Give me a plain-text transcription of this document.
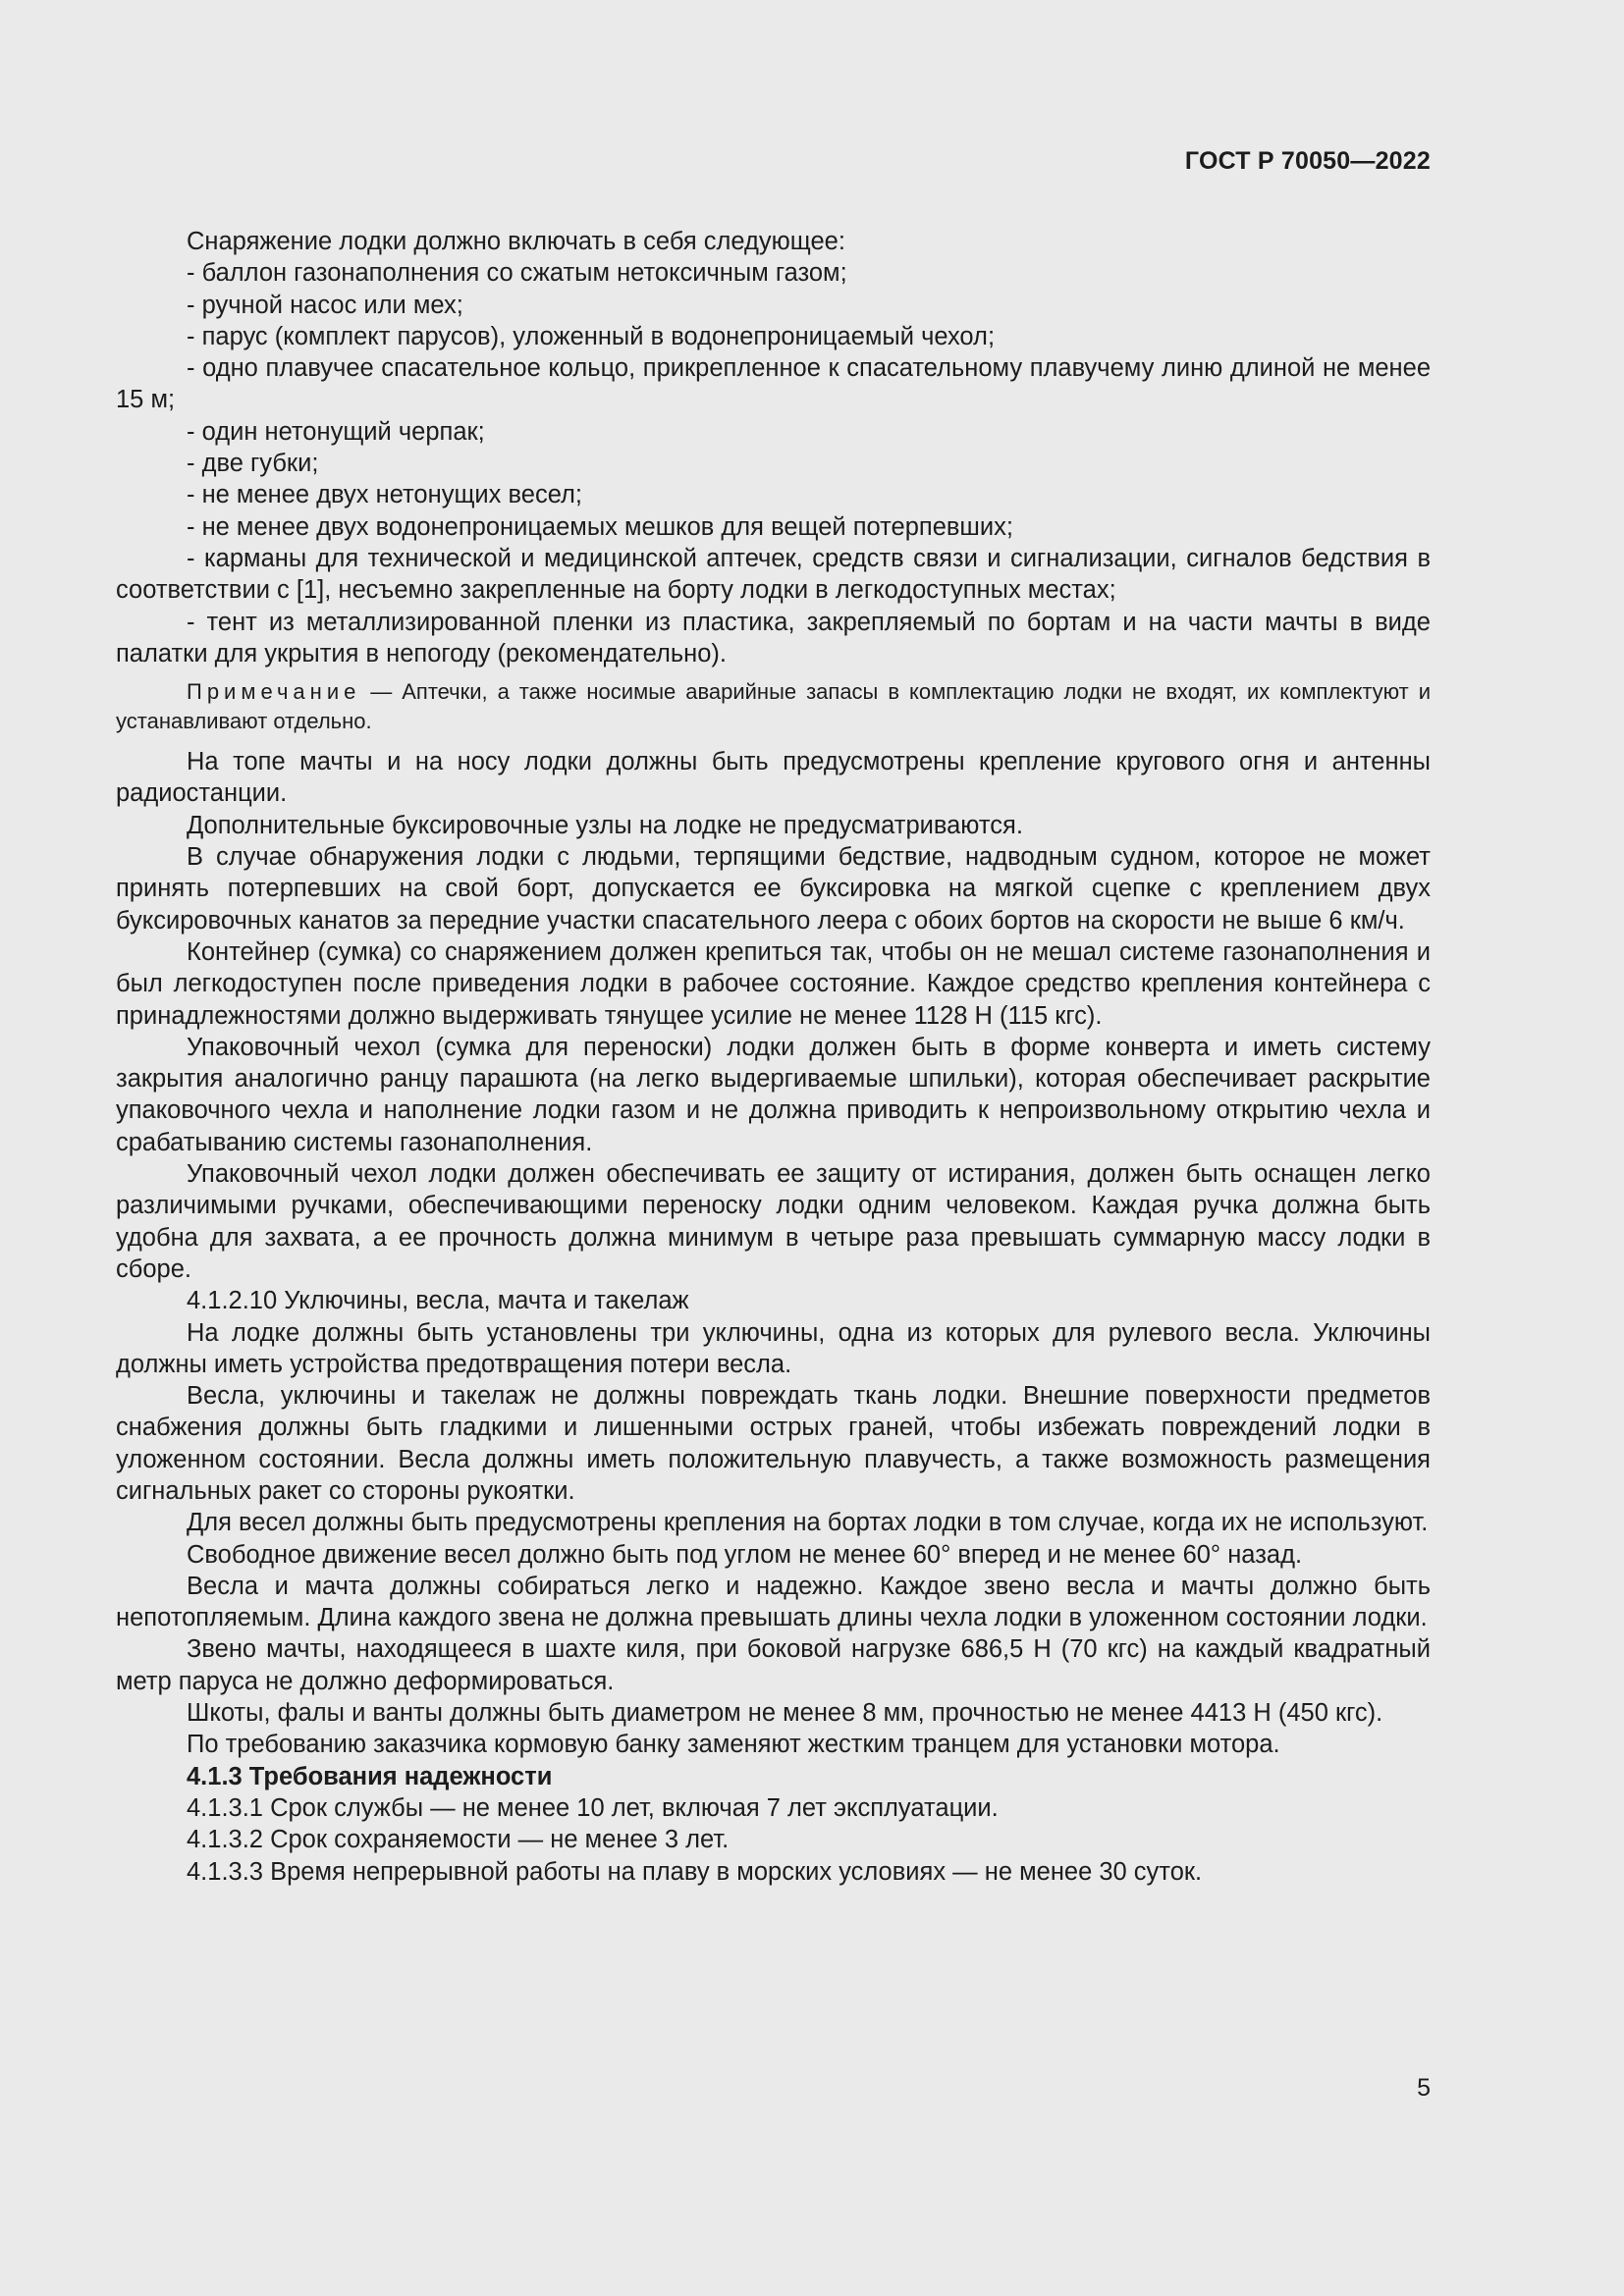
ГОСТ Р 70050—2022

Снаряжение лодки должно включать в себя следующее:

- баллон газонаполнения со сжатым нетоксичным газом;

- ручной насос или мех;

- парус (комплект парусов), уложенный в водонепроницаемый чехол;

- одно плавучее спасательное кольцо, прикрепленное к спасательному плавучему линю длиной не менее 15 м;

- один нетонущий черпак;

- две губки;

- не менее двух нетонущих весел;

- не менее двух водонепроницаемых мешков для вещей потерпевших;

- карманы для технической и медицинской аптечек, средств связи и сигнализации, сигналов бедствия в соответствии с [1], несъемно закрепленные на борту лодки в легкодоступных местах;

- тент из металлизированной пленки из пластика, закрепляемый по бортам и на части мачты в виде палатки для укрытия в непогоду (рекомендательно).

Примечание — Аптечки, а также носимые аварийные запасы в комплектацию лодки не входят, их комплектуют и устанавливают отдельно.

На топе мачты и на носу лодки должны быть предусмотрены крепление кругового огня и антенны радиостанции.

Дополнительные буксировочные узлы на лодке не предусматриваются.

В случае обнаружения лодки с людьми, терпящими бедствие, надводным судном, которое не может принять потерпевших на свой борт, допускается ее буксировка на мягкой сцепке с креплением двух буксировочных канатов за передние участки спасательного леера с обоих бортов на скорости не выше 6 км/ч.

Контейнер (сумка) со снаряжением должен крепиться так, чтобы он не мешал системе газонаполнения и был легкодоступен после приведения лодки в рабочее состояние. Каждое средство крепления контейнера с принадлежностями должно выдерживать тянущее усилие не менее 1128 Н (115 кгс).

Упаковочный чехол (сумка для переноски) лодки должен быть в форме конверта и иметь систему закрытия аналогично ранцу парашюта (на легко выдергиваемые шпильки), которая обеспечивает раскрытие упаковочного чехла и наполнение лодки газом и не должна приводить к непроизвольному открытию чехла и срабатыванию системы газонаполнения.

Упаковочный чехол лодки должен обеспечивать ее защиту от истирания, должен быть оснащен легко различимыми ручками, обеспечивающими переноску лодки одним человеком. Каждая ручка должна быть удобна для захвата, а ее прочность должна минимум в четыре раза превышать суммарную массу лодки в сборе.

4.1.2.10 Уключины, весла, мачта и такелаж

На лодке должны быть установлены три уключины, одна из которых для рулевого весла. Уключины должны иметь устройства предотвращения потери весла.

Весла, уключины и такелаж не должны повреждать ткань лодки. Внешние поверхности предметов снабжения должны быть гладкими и лишенными острых граней, чтобы избежать повреждений лодки в уложенном состоянии. Весла должны иметь положительную плавучесть, а также возможность размещения сигнальных ракет со стороны рукоятки.

Для весел должны быть предусмотрены крепления на бортах лодки в том случае, когда их не используют.

Свободное движение весел должно быть под углом не менее 60° вперед и не менее 60° назад.

Весла и мачта должны собираться легко и надежно. Каждое звено весла и мачты должно быть непотопляемым. Длина каждого звена не должна превышать длины чехла лодки в уложенном состоянии лодки.

Звено мачты, находящееся в шахте киля, при боковой нагрузке 686,5 Н (70 кгс) на каждый квадратный метр паруса не должно деформироваться.

Шкоты, фалы и ванты должны быть диаметром не менее 8 мм, прочностью не менее 4413 Н (450 кгс).

По требованию заказчика кормовую банку заменяют жестким транцем для установки мотора.

4.1.3 Требования надежности

4.1.3.1 Срок службы — не менее 10 лет, включая 7 лет эксплуатации.

4.1.3.2 Срок сохраняемости — не менее 3 лет.

4.1.3.3 Время непрерывной работы на плаву в морских условиях — не менее 30 суток.

5
